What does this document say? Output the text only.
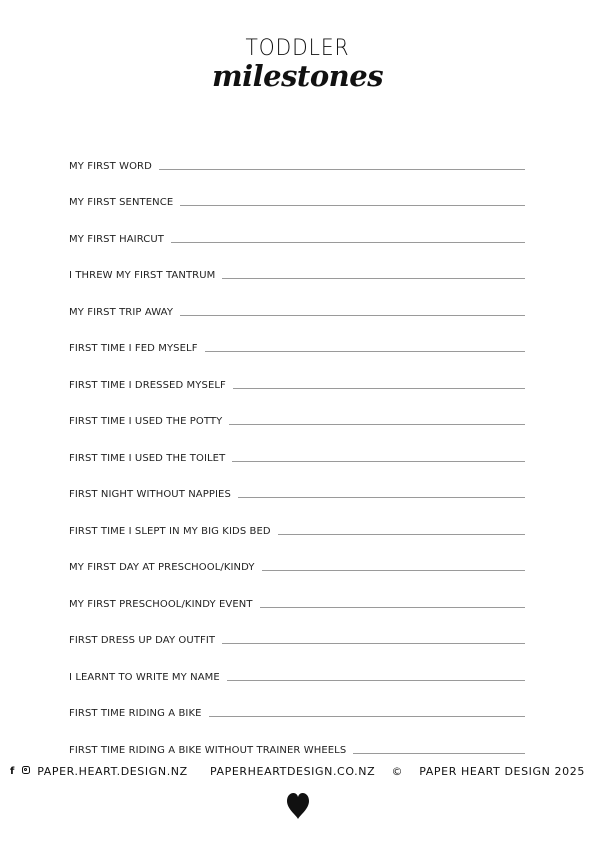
TODDLER
milestones
MY FIRST WORD
MY FIRST SENTENCE
MY FIRST HAIRCUT
I THREW MY FIRST TANTRUM
MY FIRST TRIP AWAY
FIRST TIME I FED MYSELF
FIRST TIME I DRESSED MYSELF
FIRST TIME I USED THE POTTY
FIRST TIME I USED THE TOILET
FIRST NIGHT WITHOUT NAPPIES
FIRST TIME I SLEPT IN MY BIG KIDS BED
MY FIRST DAY AT PRESCHOOL/KINDY
MY FIRST PRESCHOOL/KINDY EVENT
FIRST DRESS UP DAY OUTFIT
I LEARNT TO WRITE MY NAME
FIRST TIME RIDING A BIKE
FIRST TIME RIDING A BIKE WITHOUT TRAINER WHEELS
f PAPER.HEART.DESIGN.NZ PAPERHEARTDESIGN.CO.NZ © PAPER HEART DESIGN 2025
